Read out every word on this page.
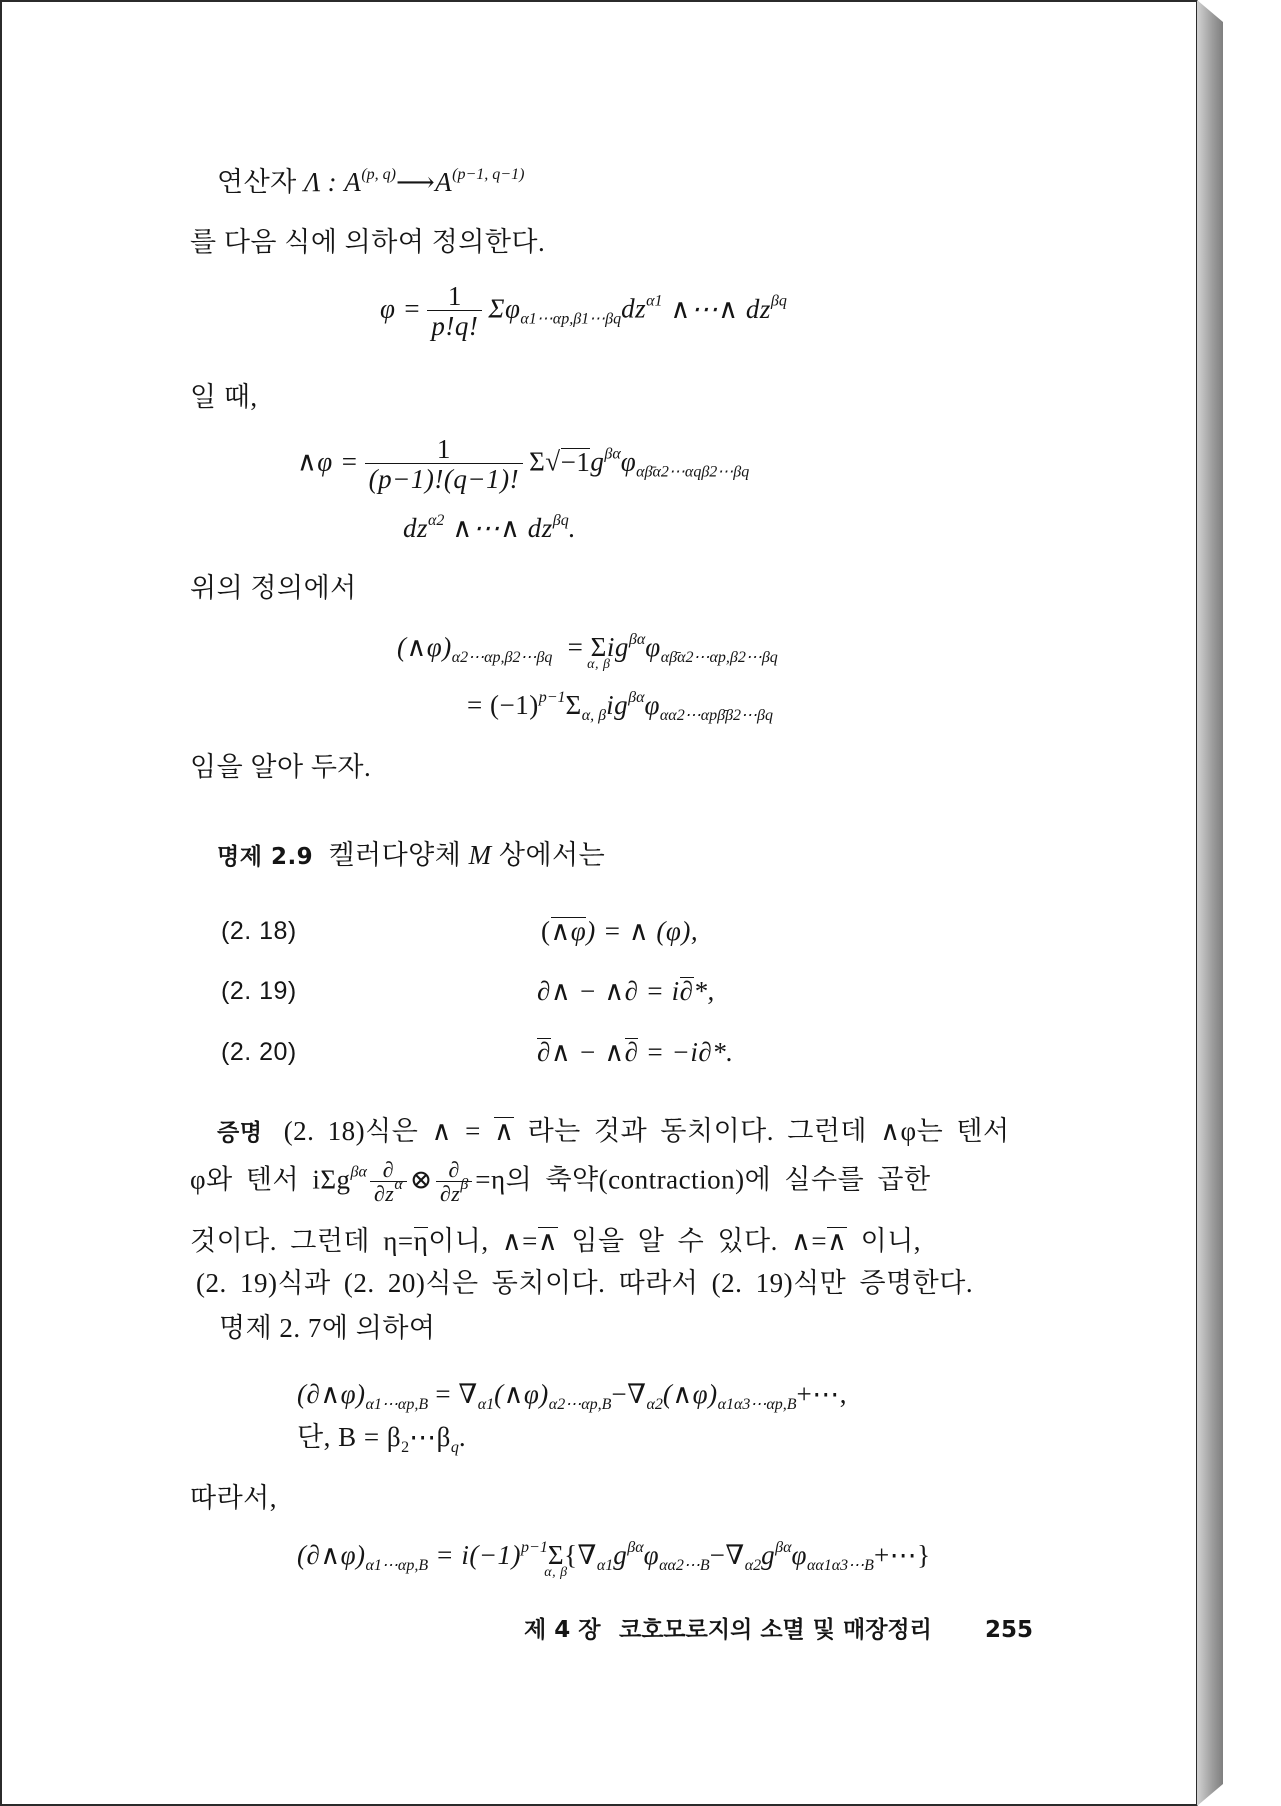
연산자 Λ : $A^{(p, q)}⟶A^{(p-1, q-1)}$
를 다음 식에 의하여 정의한다.
$\varphi = \frac{1}{p!q!} \Sigma\varphi_{\alpha 1\cdots\alpha p,\beta 1\cdots\beta q}dz^{\alpha 1}$ ∧⋯∧ $dz^{\beta q}$
일 때,
∧φ = $\frac{1}{(p-1)!(q-1)!} \Sigma√-1g^{\beta\alpha}\varphi_{\alpha\betā\alpha 2\cdots\alpha q\beta 2\cdots\beta q}$
$dz^{\alpha 2}$ ∧⋯∧ $dz^{\beta q}$.
위의 정의에서
$(\wedge\varphi)_{\alpha 2\cdots\alpha p,\beta 2\cdots\beta q} = \Sigma$
α, β
$ig^{\beta\alpha}\varphi_{\alpha\betā\alpha 2\cdots\alpha p,\beta 2\cdots\beta q}$
= $(-1)^{p-1}\Sigma_{\alpha, \beta}ig^{\beta\alpha}\varphi_{\alpha\alpha 2\cdots\alpha p\betā\beta 2\cdots\beta q}$
임을 알아 두자.
명제 2.9 켈러다양체 M 상에서는
(2. 18)	(∧φ) = ∧ (φ),
(2. 19)	∂∧ − ∧∂ = i∂*,
(2. 20)	∂∧ − ∧∂ = −i∂*.
증명 (2. 18)식은 ∧ = ∧ 라는 것과 동치이다. 그런데 ∧φ는 텐서
φ와 텐서 $i\Sigma g^{\beta\alpha} \frac{\partial}{\partial z^\alpha}$ ⊗ $\frac{\partial}{\partial z^\beta} =\eta$의 축약(contraction)에 실수를 곱한
것이다. 그런데 η=η이니, ∧=∧ 임을 알 수 있다. ∧=∧ 이니,
(2. 19)식과 (2. 20)식은 동치이다. 따라서 (2. 19)식만 증명한다.
명제 2. 7에 의하여
$(\partial\wedge\varphi)_{\alpha 1\cdots\alpha p,B}$ = $\nabla_{\alpha 1}(\wedge\varphi)_{\alpha 2\cdots\alpha p,B}-\nabla_{\alpha 2}(\wedge\varphi)_{\alpha 1\alpha 3\cdots\alpha p,B}+\cdots$,
단, $B = \beta_2\cdots\beta_q$.
따라서,
$(\partial\wedge\varphi)_{\alpha 1\cdots\alpha p,B} = i(-1)^{p-1}\Sigma$
α, β
$\{\nabla_{\alpha 1}g^{\beta\alpha}\varphi_{\alpha\alpha 2\cdots B}-\nabla_{\alpha 2}g^{\beta\alpha}\varphi_{\alpha\alpha 1\alpha 3\cdots B}+\cdots\}$
제 4 장 코호모로지의 소멸 및 매장정리 255
